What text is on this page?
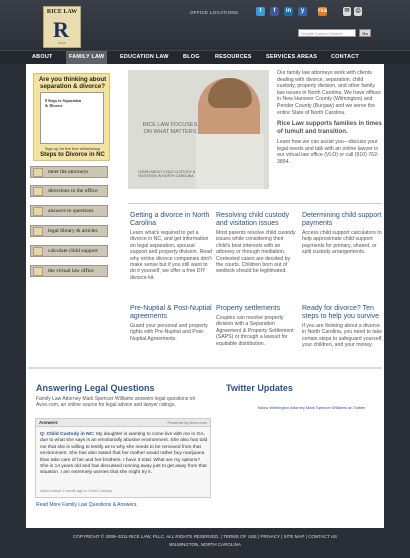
RICE LAW
R
PLLC
OFFICE LOCATIONS	t	f	in	y	rss	✉ ⎙
Google Custom Search	Go
ABOUT	FAMILY LAW	EDUCATION LAW	BLOG	RESOURCES	SERVICES AREAS	CONTACT
Are you thinking about separation & divorce?
8 Steps to Separation & Divorce
Sign up for the free eWorkshop
Steps to Divorce in NC
meet the attorneys
directions to the office
answers to questions
legal library & articles
calculate child support
the virtual law office
RICE LAW FOCUSES ON WHAT MATTERS
LEARN ABOUT CHILD CUSTODY & VISITATION IN NORTH CAROLINA
Our family law attorneys work with clients dealing with divorce, separation, child custody, property division, and other family law issues in North Carolina. We have offices in New Hanover County (Wilmington) and Pender County (Burgaw) and we serve the entire State of North Carolina.
Rice Law supports families in times of tumult and transition.
Learn how we can assist you—discuss your legal needs and talk with an online lawyer in our virtual law office (VLO) or call (910) 762-3854.
Getting a divorce in North Carolina
Learn what's required to get a divorce in NC, and get information on legal separation, spousal support and property division. Read why online divorce companies don't make sense but if you still want to do it yourself, we offer a free DIY divorce kit.
Resolving child custody and visitation issues
Most parents resolve child custody issues while considering their child's best interests with an attorney or through mediation. Contested cases are decided by the courts. Children born out of wedlock should be legitimated.
Determining child support payments
Access child support calculators to help approximate child support payments for primary, shared, or split custody arrangements.
Pre-Nuptial & Post-Nuptial agreements
Guard your personal and property rights with Pre-Nuptial and Post-Nuptial Agreements.
Property settlements
Couples can resolve property division with a Separation Agreement & Property Settlement (SAPS) or through a lawsuit for equitable distribution.
Ready for divorce? Ten steps to help you survive
If you are thinking about a divorce in North Carolina, you need to take certain steps to safeguard yourself, your children, and your money.
Answering Legal Questions
Family Law Attorney Mark Spencer Williams answers legal questions on Avvo.com, an online source for legal advice and lawyer ratings.
Answers	Powered by Avvo.com
Q: Child Custody in NC: My daughter is wanting to come live with me in GA, due to what she says is an emotionally abusive environment. She also has told me that she is willing to testify as to why she needs to be removed from that environment. She has also stated that her mother would rather buy marijuana than take care of her and her brothers. I have 3 total. What are my options? She is 14 years old and has discussed running away just to get away from that situation. I am extremely worries that she might try it.
Asked about 1 month ago in Child Custody
Read More Family Law Questions & Answers.
Twitter Updates
follow Wilmington Attorney Mark Spencer Williams on Twitter
COPYRIGHT © 2009–2011 RICE LAW, PLLC. ALL RIGHTS RESERVED. | TERMS OF USE | PRIVACY | SITE MAP | CONTACT US
WILMINGTON, NORTH CAROLINA
